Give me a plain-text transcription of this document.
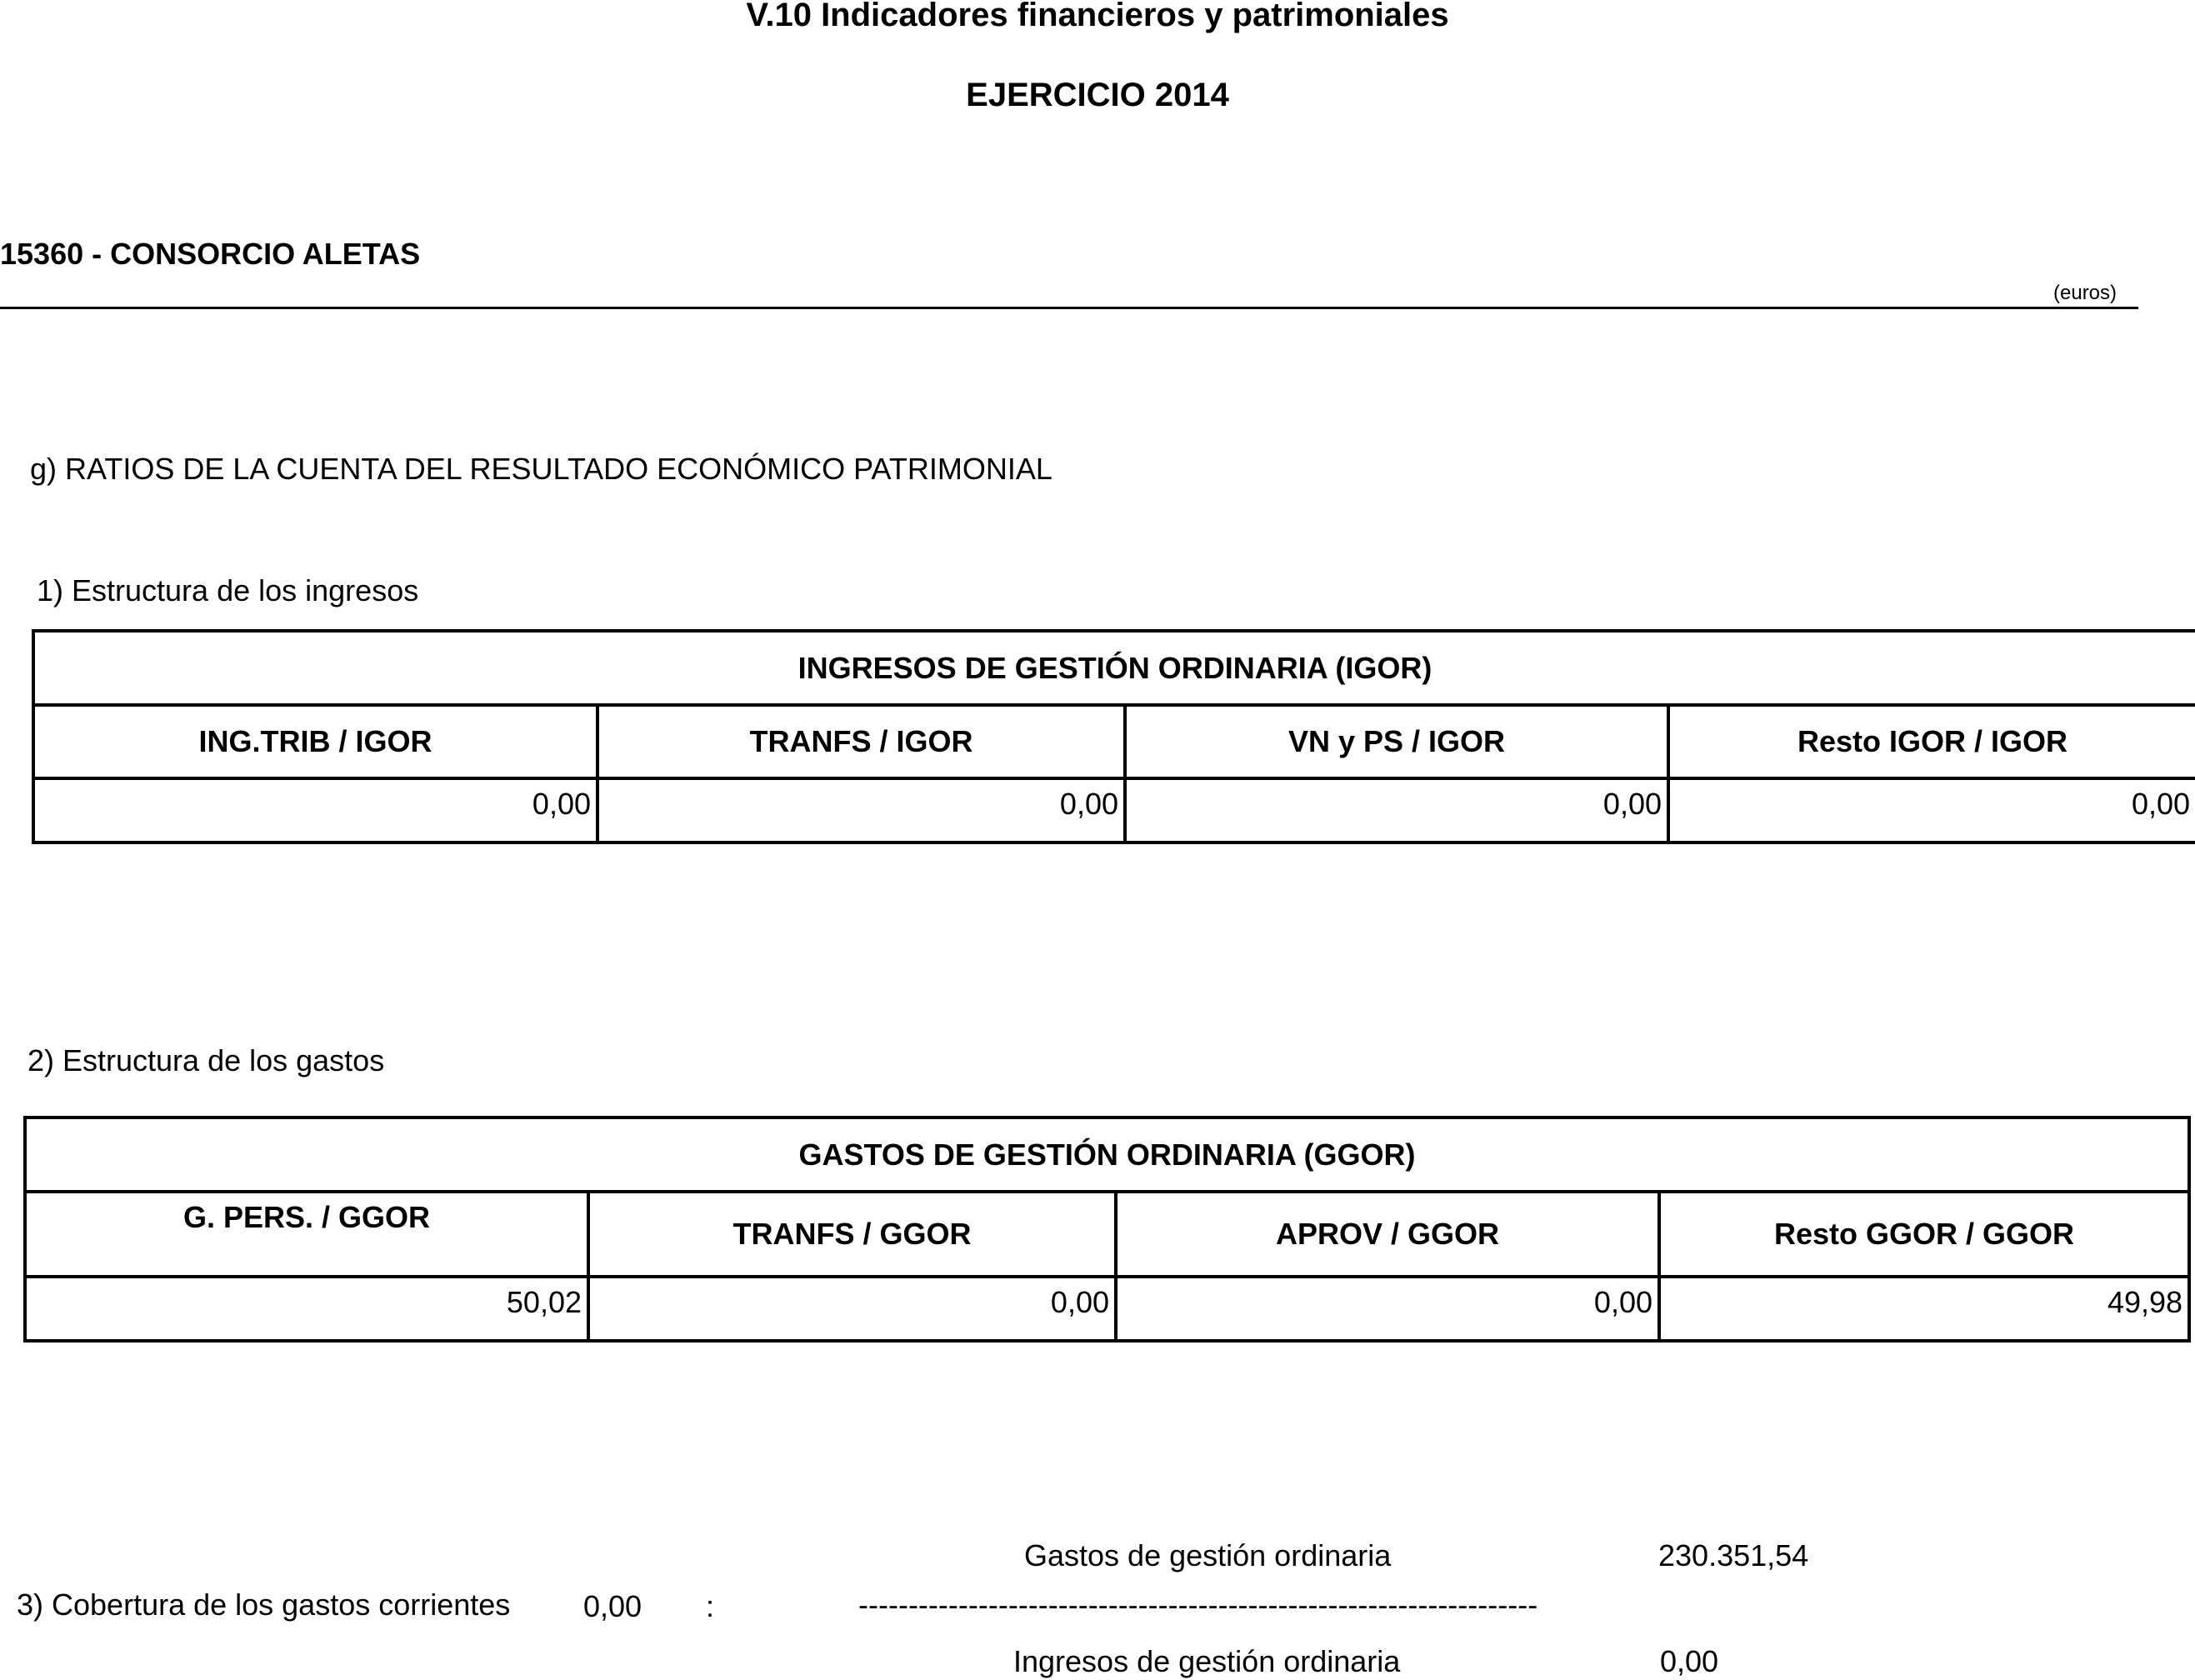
V.10 Indicadores financieros y patrimoniales
EJERCICIO 2014
15360 - CONSORCIO ALETAS
(euros)
g) RATIOS DE LA CUENTA DEL RESULTADO ECONÓMICO PATRIMONIAL
1) Estructura de los ingresos
INGRESOS DE GESTIÓN ORDINARIA (IGOR)			
ING.TRIB / IGOR	TRANFS / IGOR	VN y PS / IGOR	Resto IGOR / IGOR
0,00	0,00	0,00	0,00
2) Estructura de los gastos
GASTOS DE GESTIÓN ORDINARIA (GGOR)			
G. PERS. / GGOR	TRANFS / GGOR	APROV / GGOR	Resto GGOR / GGOR
50,02	0,00	0,00	49,98
Gastos de gestión ordinaria	230.351,54
3) Cobertura de los gastos corrientes 0,00 :	--------------------------------------------------------------------
Ingresos de gestión ordinaria	0,00
